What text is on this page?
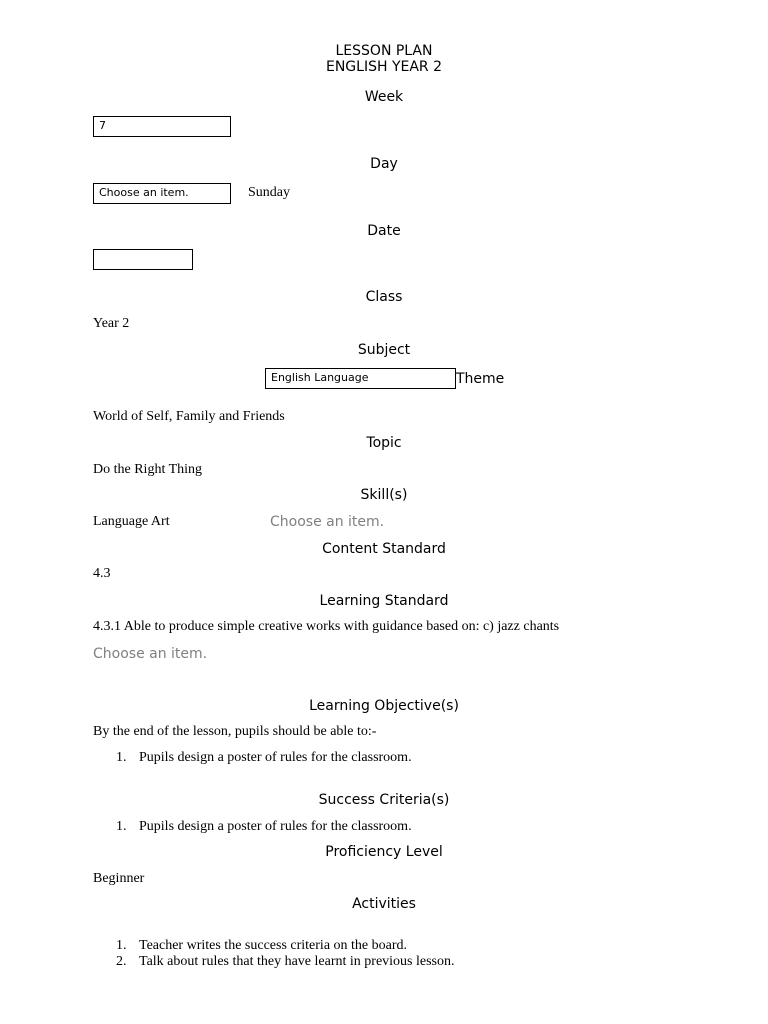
LESSON PLAN
ENGLISH YEAR 2
Week
7
Day
Choose an item.	Sunday
Date
Class
Year 2
Subject
English Language	Theme
World of Self, Family and Friends
Topic
Do the Right Thing
Skill(s)
Language Art	Choose an item.
Content Standard
4.3
Learning Standard
4.3.1 Able to produce simple creative works with guidance based on: c) jazz chants
Choose an item.
Learning Objective(s)
By the end of the lesson, pupils should be able to:-
1. Pupils design a poster of rules for the classroom.
Success Criteria(s)
1. Pupils design a poster of rules for the classroom.
Proficiency Level
Beginner
Activities
1. Teacher writes the success criteria on the board.
2. Talk about rules that they have learnt in previous lesson.
